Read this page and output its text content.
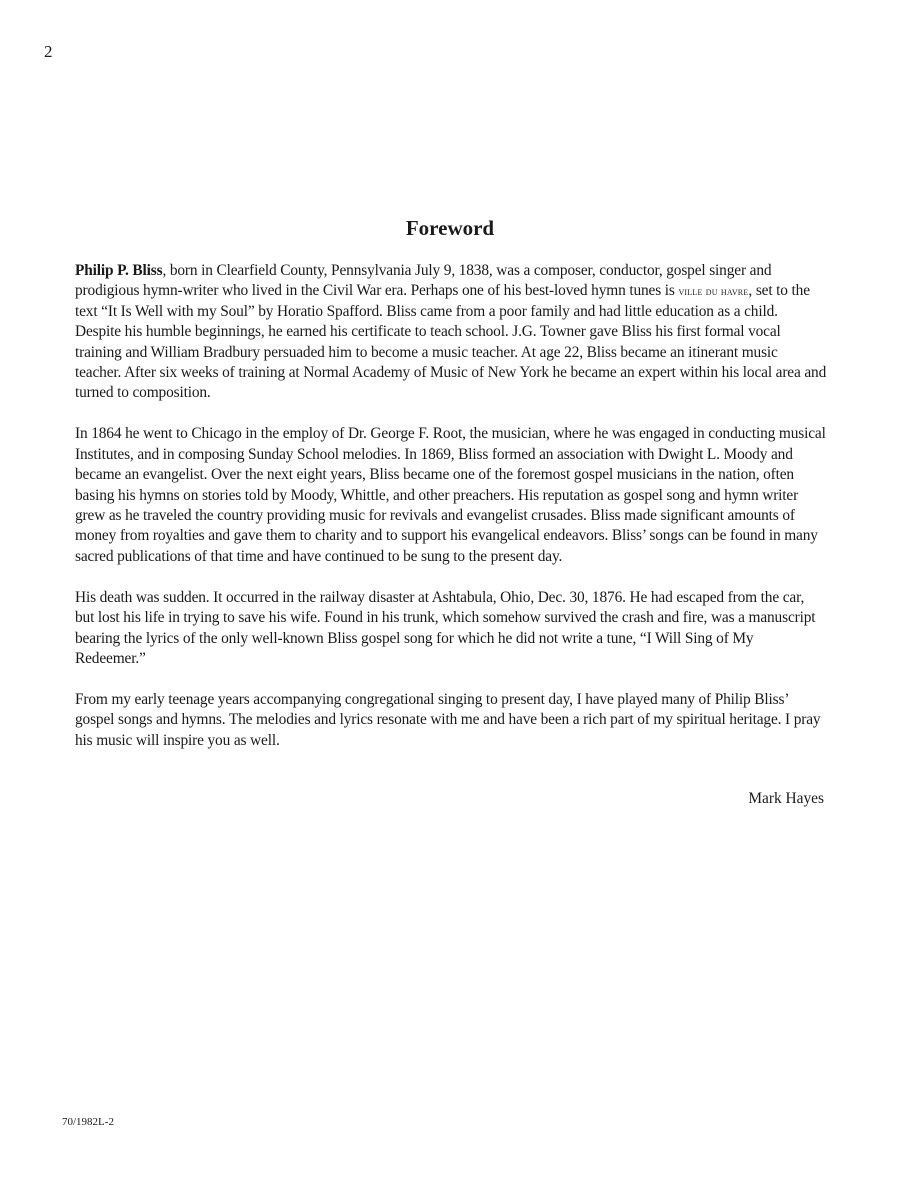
2
Foreword

Philip P. Bliss, born in Clearfield County, Pennsylvania July 9, 1838, was a composer, conductor, gospel singer and prodigious hymn-writer who lived in the Civil War era. Perhaps one of his best-loved hymn tunes is ville du havre, set to the text “It Is Well with my Soul” by Horatio Spafford. Bliss came from a poor family and had little education as a child. Despite his humble beginnings, he earned his certificate to teach school. J.G. Towner gave Bliss his first formal vocal training and William Bradbury persuaded him to become a music teacher. At age 22, Bliss became an itinerant music teacher. After six weeks of training at Normal Academy of Music of New York he became an expert within his local area and turned to composition.

In 1864 he went to Chicago in the employ of Dr. George F. Root, the musician, where he was engaged in conducting musical Institutes, and in composing Sunday School melodies. In 1869, Bliss formed an association with Dwight L. Moody and became an evangelist. Over the next eight years, Bliss became one of the foremost gospel musicians in the nation, often basing his hymns on stories told by Moody, Whittle, and other preachers. His reputation as gospel song and hymn writer grew as he traveled the country providing music for revivals and evangelist crusades. Bliss made significant amounts of money from royalties and gave them to charity and to support his evangelical endeavors. Bliss’ songs can be found in many sacred publications of that time and have continued to be sung to the present day.

His death was sudden. It occurred in the railway disaster at Ashtabula, Ohio, Dec. 30, 1876. He had escaped from the car, but lost his life in trying to save his wife. Found in his trunk, which somehow survived the crash and fire, was a manuscript bearing the lyrics of the only well-known Bliss gospel song for which he did not write a tune, “I Will Sing of My Redeemer.”

From my early teenage years accompanying congregational singing to present day, I have played many of Philip Bliss’ gospel songs and hymns. The melodies and lyrics resonate with me and have been a rich part of my spiritual heritage. I pray his music will inspire you as well.

Mark Hayes
70/1982L-2
